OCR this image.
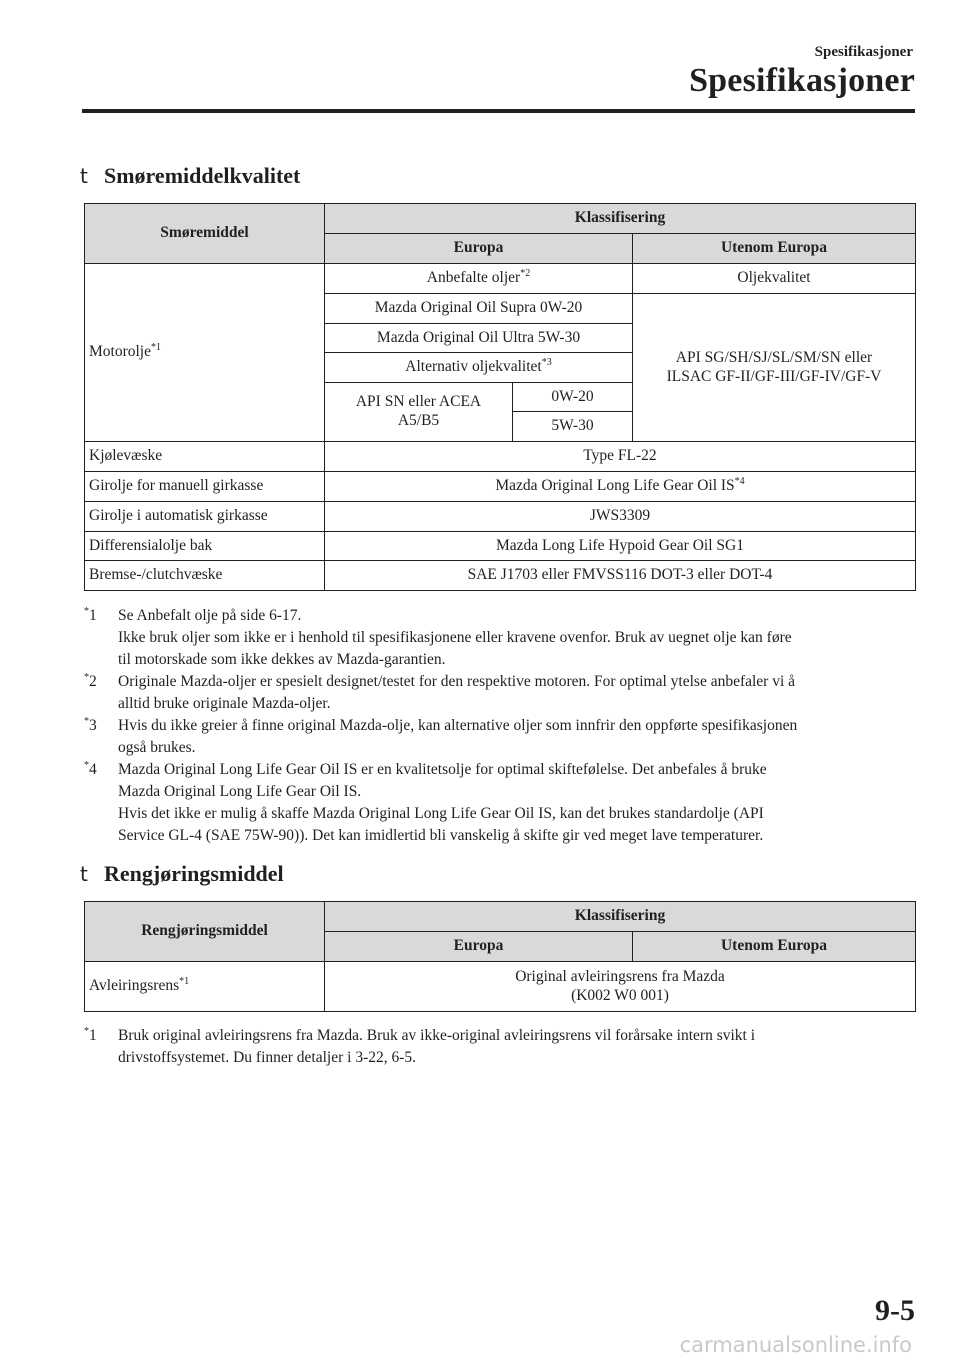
Spesifikasjoner
Spesifikasjoner
t Smøremiddelkvalitet
Smøremiddel	Klassifisering		
	Europa		Utenom Europa
Motorolje$^{*1}$	Anbefalte oljer$^{*2}$		Oljekvalitet
	Mazda Original Oil Supra 0W-20		API SG/SH/SJ/SL/SM/SN eller
ILSAC GF-II/GF-III/GF-IV/GF-V
	Mazda Original Oil Ultra 5W-30		
	Alternativ oljekvalitet$^{*3}$
	API SN eller ACEA
A5/B5	0W-20	
		5W-30	
Kjølevæske	Type FL-22		
Girolje for manuell girkasse	Mazda Original Long Life Gear Oil IS$^{*4}$
Girolje i automatisk girkasse	JWS3309		
Differensialolje bak	Mazda Long Life Hypoid Gear Oil SG1		
Bremse-/clutchvæske	SAE J1703 eller FMVSS116 DOT-3 eller DOT-4		
*1 Se Anbefalt olje på side 6-17.
Ikke bruk oljer som ikke er i henhold til spesifikasjonene eller kravene ovenfor. Bruk av uegnet olje kan føre
til motorskade som ikke dekkes av Mazda-garantien.
*2 Originale Mazda-oljer er spesielt designet/testet for den respektive motoren. For optimal ytelse anbefaler vi å
alltid bruke originale Mazda-oljer.
*3 Hvis du ikke greier å finne original Mazda-olje, kan alternative oljer som innfrir den oppførte spesifikasjonen
også brukes.
*4 Mazda Original Long Life Gear Oil IS er en kvalitetsolje for optimal skiftefølelse. Det anbefales å bruke
Mazda Original Long Life Gear Oil IS.
Hvis det ikke er mulig å skaffe Mazda Original Long Life Gear Oil IS, kan det brukes standardolje (API
Service GL-4 (SAE 75W-90)). Det kan imidlertid bli vanskelig å skifte gir ved meget lave temperaturer.
t Rengjøringsmiddel
Rengjøringsmiddel	Klassifisering	
	Europa	Utenom Europa
Avleiringsrens$^{*1}$	Original avleiringsrens fra Mazda
(K002 W0 001)	
*1 Bruk original avleiringsrens fra Mazda. Bruk av ikke-original avleiringsrens vil forårsake intern svikt i
drivstoffsystemet. Du finner detaljer i 3-22, 6-5.
9-5
carmanualsonline.info
